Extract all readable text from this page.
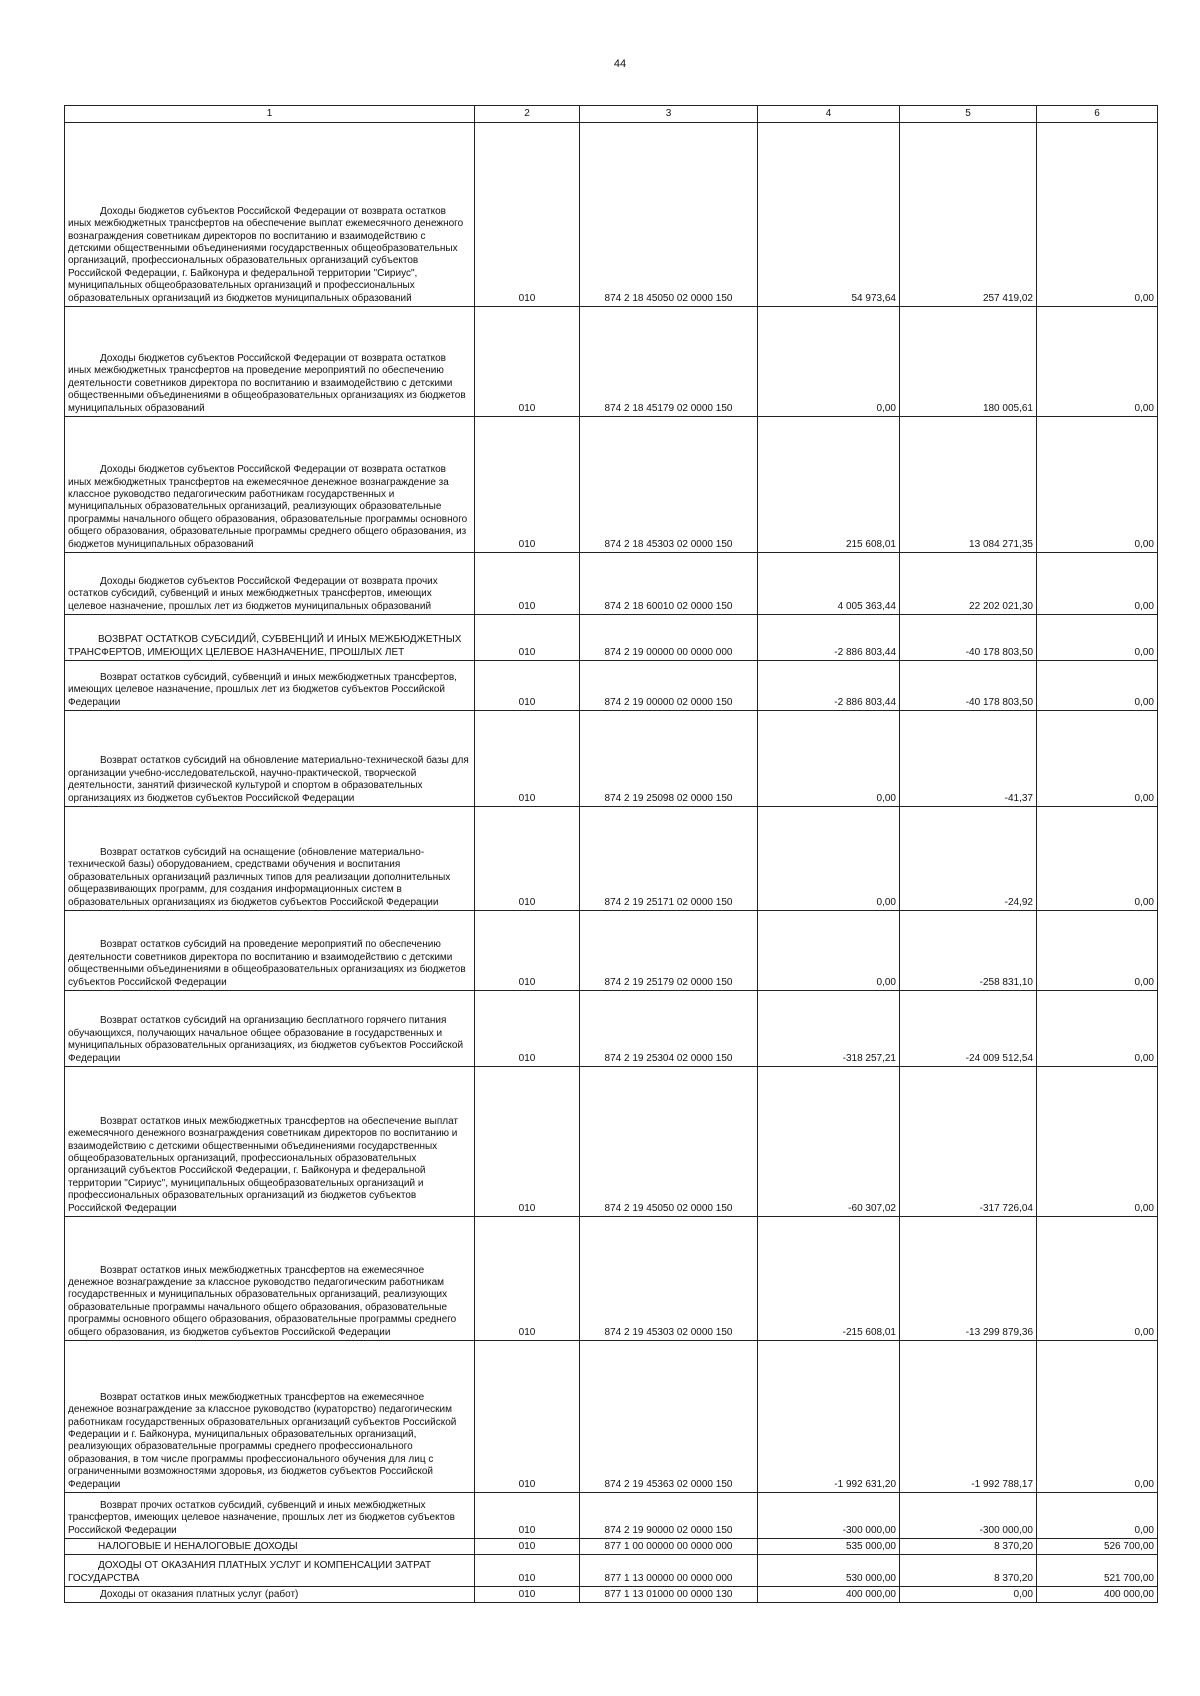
44
1	2	3	4	5	6

Доходы бюджетов субъектов Российской Федерации от возврата остатков иных межбюджетных трансфертов на обеспечение выплат ежемесячного денежного вознаграждения советникам директоров по воспитанию и взаимодействию с детскими общественными объединениями государственных общеобразовательных организаций, профессиональных образовательных организаций субъектов Российской Федерации, г. Байконура и федеральной территории "Сириус", муниципальных общеобразовательных организаций и профессиональных образовательных организаций из бюджетов муниципальных образований	010	874 2 18 45050 02 0000 150	54 973,64	257 419,02	0,00

Доходы бюджетов субъектов Российской Федерации от возврата остатков иных межбюджетных трансфертов на проведение мероприятий по обеспечению деятельности советников директора по воспитанию и взаимодействию с детскими общественными объединениями в общеобразовательных организациях из бюджетов муниципальных образований	010	874 2 18 45179 02 0000 150	0,00	180 005,61	0,00

Доходы бюджетов субъектов Российской Федерации от возврата остатков иных межбюджетных трансфертов на ежемесячное денежное вознаграждение за классное руководство педагогическим работникам государственных и муниципальных образовательных организаций, реализующих образовательные программы начального общего образования, образовательные программы основного общего образования, образовательные программы среднего общего образования, из бюджетов муниципальных образований	010	874 2 18 45303 02 0000 150	215 608,01	13 084 271,35	0,00

Доходы бюджетов субъектов Российской Федерации от возврата прочих остатков субсидий, субвенций и иных межбюджетных трансфертов, имеющих целевое назначение, прошлых лет из бюджетов муниципальных образований	010	874 2 18 60010 02 0000 150	4 005 363,44	22 202 021,30	0,00

ВОЗВРАТ ОСТАТКОВ СУБСИДИЙ, СУБВЕНЦИЙ И ИНЫХ МЕЖБЮДЖЕТНЫХ ТРАНСФЕРТОВ, ИМЕЮЩИХ ЦЕЛЕВОЕ НАЗНАЧЕНИЕ, ПРОШЛЫХ ЛЕТ	010	874 2 19 00000 00 0000 000	-2 886 803,44	-40 178 803,50	0,00

Возврат остатков субсидий, субвенций и иных межбюджетных трансфертов, имеющих целевое назначение, прошлых лет из бюджетов субъектов Российской Федерации	010	874 2 19 00000 02 0000 150	-2 886 803,44	-40 178 803,50	0,00

Возврат остатков субсидий на обновление материально-технической базы для организации учебно-исследовательской, научно-практической, творческой деятельности, занятий физической культурой и спортом в образовательных организациях из бюджетов субъектов Российской Федерации	010	874 2 19 25098 02 0000 150	0,00	-41,37	0,00

Возврат остатков субсидий на оснащение (обновление материально-технической базы) оборудованием, средствами обучения и воспитания образовательных организаций различных типов для реализации дополнительных общеразвивающих программ, для создания информационных систем в образовательных организациях из бюджетов субъектов Российской Федерации	010	874 2 19 25171 02 0000 150	0,00	-24,92	0,00

Возврат остатков субсидий на проведение мероприятий по обеспечению деятельности советников директора по воспитанию и взаимодействию с детскими общественными объединениями в общеобразовательных организациях из бюджетов субъектов Российской Федерации	010	874 2 19 25179 02 0000 150	0,00	-258 831,10	0,00

Возврат остатков субсидий на организацию бесплатного горячего питания обучающихся, получающих начальное общее образование в государственных и муниципальных образовательных организациях, из бюджетов субъектов Российской Федерации	010	874 2 19 25304 02 0000 150	-318 257,21	-24 009 512,54	0,00

Возврат остатков иных межбюджетных трансфертов на обеспечение выплат ежемесячного денежного вознаграждения советникам директоров по воспитанию и взаимодействию с детскими общественными объединениями государственных общеобразовательных организаций, профессиональных образовательных организаций субъектов Российской Федерации, г. Байконура и федеральной территории "Сириус", муниципальных общеобразовательных организаций и профессиональных образовательных организаций из бюджетов субъектов Российской Федерации	010	874 2 19 45050 02 0000 150	-60 307,02	-317 726,04	0,00

Возврат остатков иных межбюджетных трансфертов на ежемесячное денежное вознаграждение за классное руководство педагогическим работникам государственных и муниципальных образовательных организаций, реализующих образовательные программы начального общего образования, образовательные программы основного общего образования, образовательные программы среднего общего образования, из бюджетов субъектов Российской Федерации	010	874 2 19 45303 02 0000 150	-215 608,01	-13 299 879,36	0,00

Возврат остатков иных межбюджетных трансфертов на ежемесячное денежное вознаграждение за классное руководство (кураторство) педагогическим работникам государственных образовательных организаций субъектов Российской Федерации и г. Байконура, муниципальных образовательных организаций, реализующих образовательные программы среднего профессионального образования, в том числе программы профессионального обучения для лиц с ограниченными возможностями здоровья, из бюджетов субъектов Российской Федерации	010	874 2 19 45363 02 0000 150	-1 992 631,20	-1 992 788,17	0,00

Возврат прочих остатков субсидий, субвенций и иных межбюджетных трансфертов, имеющих целевое назначение, прошлых лет из бюджетов субъектов Российской Федерации	010	874 2 19 90000 02 0000 150	-300 000,00	-300 000,00	0,00

НАЛОГОВЫЕ И НЕНАЛОГОВЫЕ ДОХОДЫ	010	877 1 00 00000 00 0000 000	535 000,00	8 370,20	526 700,00

ДОХОДЫ ОТ ОКАЗАНИЯ ПЛАТНЫХ УСЛУГ И КОМПЕНСАЦИИ ЗАТРАТ ГОСУДАРСТВА	010	877 1 13 00000 00 0000 000	530 000,00	8 370,20	521 700,00

Доходы от оказания платных услуг (работ)	010	877 1 13 01000 00 0000 130	400 000,00	0,00	400 000,00
